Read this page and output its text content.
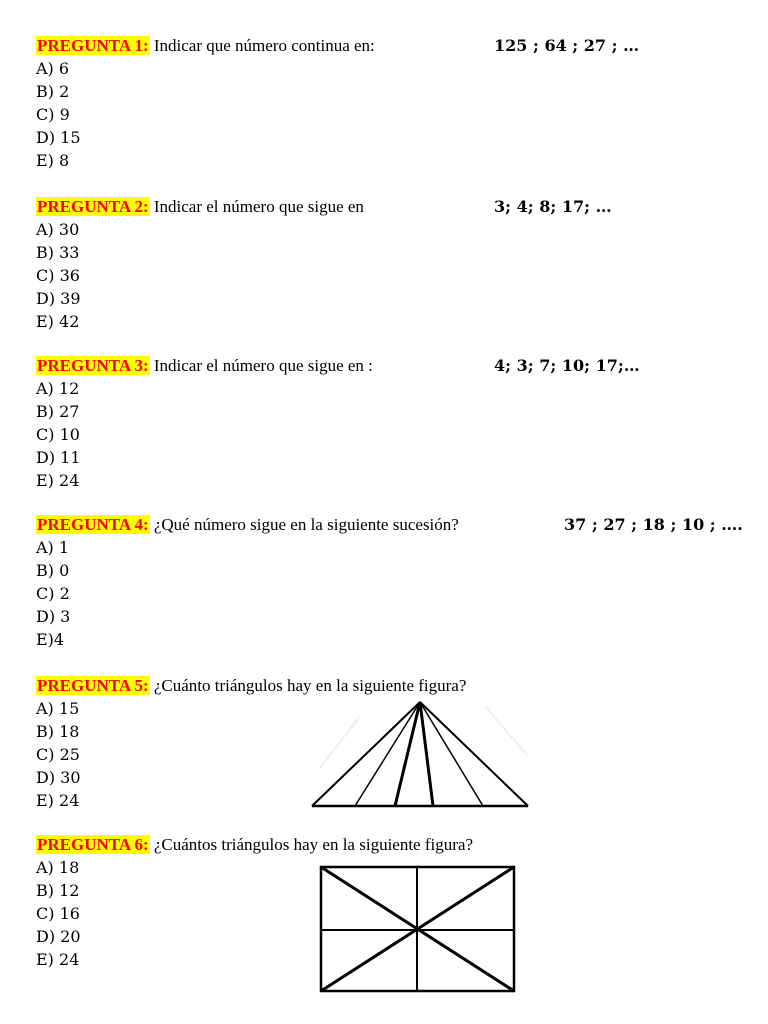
PREGUNTA 1: Indicar que número continua en:	125 ; 64 ; 27 ; …
A) 6
B) 2
C) 9
D) 15
E) 8
PREGUNTA 2: Indicar el número que sigue en	3; 4; 8; 17; …
A) 30
B) 33
C) 36
D) 39
E) 42
PREGUNTA 3: Indicar el número que sigue en :	4; 3; 7; 10; 17;…
A) 12
B) 27
C) 10
D) 11
E) 24
PREGUNTA 4: ¿Qué número sigue en la siguiente sucesión?	37 ; 27 ; 18 ; 10 ; ….
A) 1
B) 0
C) 2
D) 3
E)4
PREGUNTA 5: ¿Cuánto triángulos hay en la siguiente figura?
A) 15
B) 18
C) 25
D) 30
E) 24
PREGUNTA 6: ¿Cuántos triángulos hay en la siguiente figura?
A) 18
B) 12
C) 16
D) 20
E) 24
